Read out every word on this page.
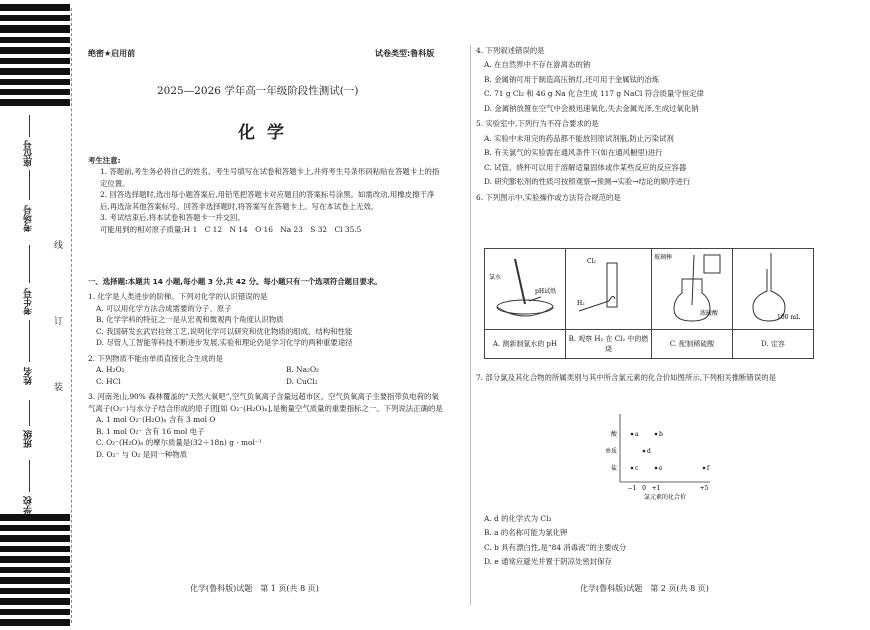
座位号
考场号
考生号
姓名
班级
学校
线
订
装
绝密★启用前	试卷类型:鲁科版
2025—2026 学年高一年级阶段性测试(一)
化学

考生注意:

1. 答题前,考生务必将自己的姓名、考生号填写在试卷和答题卡上,并将考生号条形码粘贴在答题卡上的指定位置。

2. 回答选择题时,选出每小题答案后,用铅笔把答题卡对应题目的答案标号涂黑。如需改动,用橡皮擦干净后,再选涂其他答案标号。回答非选择题时,将答案写在答题卡上。写在本试卷上无效。

3. 考试结束后,将本试卷和答题卡一并交回。

可能用到的相对原子质量:H 1　C 12　N 14　O 16　Na 23　S 32　Cl 35.5

一、选择题:本题共 14 小题,每小题 3 分,共 42 分。每小题只有一个选项符合题目要求。

1. 化学是人类进步的阶梯。下列对化学的认识错误的是

A. 可以用化学方法合成需要的分子、原子

B. 化学学科的特征之一是从宏观和微观两个角度认识物质

C. 我国研发玄武岩拉丝工艺,说明化学可以研究和优化物质的组成、结构和性能

D. 尽管人工智能等科技不断进步发展,实验和理论仍是学习化学的两种重要途径

2. 下列物质不能由单质直接化合生成的是

A. H₂O₂	B. Na₂O₂
C. HCl	D. CuCl₂

3. 河南尧山,90% 森林覆盖的“天然大氧吧”,空气负氧离子含量远超市区。空气负氧离子主要指带负电荷的氧气离子(O₂⁻)与水分子结合形成的原子团[如 O₂⁻(H₂O)ₙ],是衡量空气质量的重要指标之一。下列说法正确的是

A. 1 mol O₂⁻(H₂O)ₙ 含有 3 mol O

B. 1 mol O₂⁻ 含有 16 mol 电子

C. O₂⁻(H₂O)ₙ 的摩尔质量是(32＋18n) g · mol⁻¹

D. O₂⁻ 与 O₂ 是同一种物质

化学(鲁科版)试题　第 1 页(共 8 页)

4. 下列叙述错误的是

A. 在自然界中不存在游离态的钠

B. 金属钠可用于制造高压钠灯,还可用于金属钛的冶炼

C. 71 g Cl₂ 和 46 g Na 化合生成 117 g NaCl 符合质量守恒定律

D. 金属钠放置在空气中会被迅速氧化,失去金属光泽,生成过氧化钠

5. 实验室中,下列行为不符合要求的是

A. 实验中未用完的药品都不能放回原试剂瓶,防止污染试剂

B. 有关氯气的实验需在通风条件下(如在通风橱里)进行

C. 试管、烧杯可以用于溶解适量固体或作某些反应的反应容器

D. 研究膨松剂的性质可按照观察→预测→实验→结论的顺序进行

6. 下列图示中,实验操作或方法符合规范的是

氯水
pH试纸	Cl₂
H₂	玻璃棒
浓硫酸	100 mL

A. 测新制氯水的 pH	B. 观察 H₂ 在 Cl₂ 中的燃烧	C. 配制稀硫酸	D. 定容

7. 部分氯及其化合物的所属类别与其中所含氯元素的化合价如图所示,下列相关推断错误的是

酸
单质
盐
−1 0 +1	+5
氯元素的化合价
a	b
c
d
e	f

A. d 的化学式为 Cl₂

B. a 的名称可能为氯化钾

C. b 具有漂白性,是“84 消毒液”的主要成分

D. e 通常应避光并置于阴凉处密封保存

化学(鲁科版)试题　第 2 页(共 8 页)
